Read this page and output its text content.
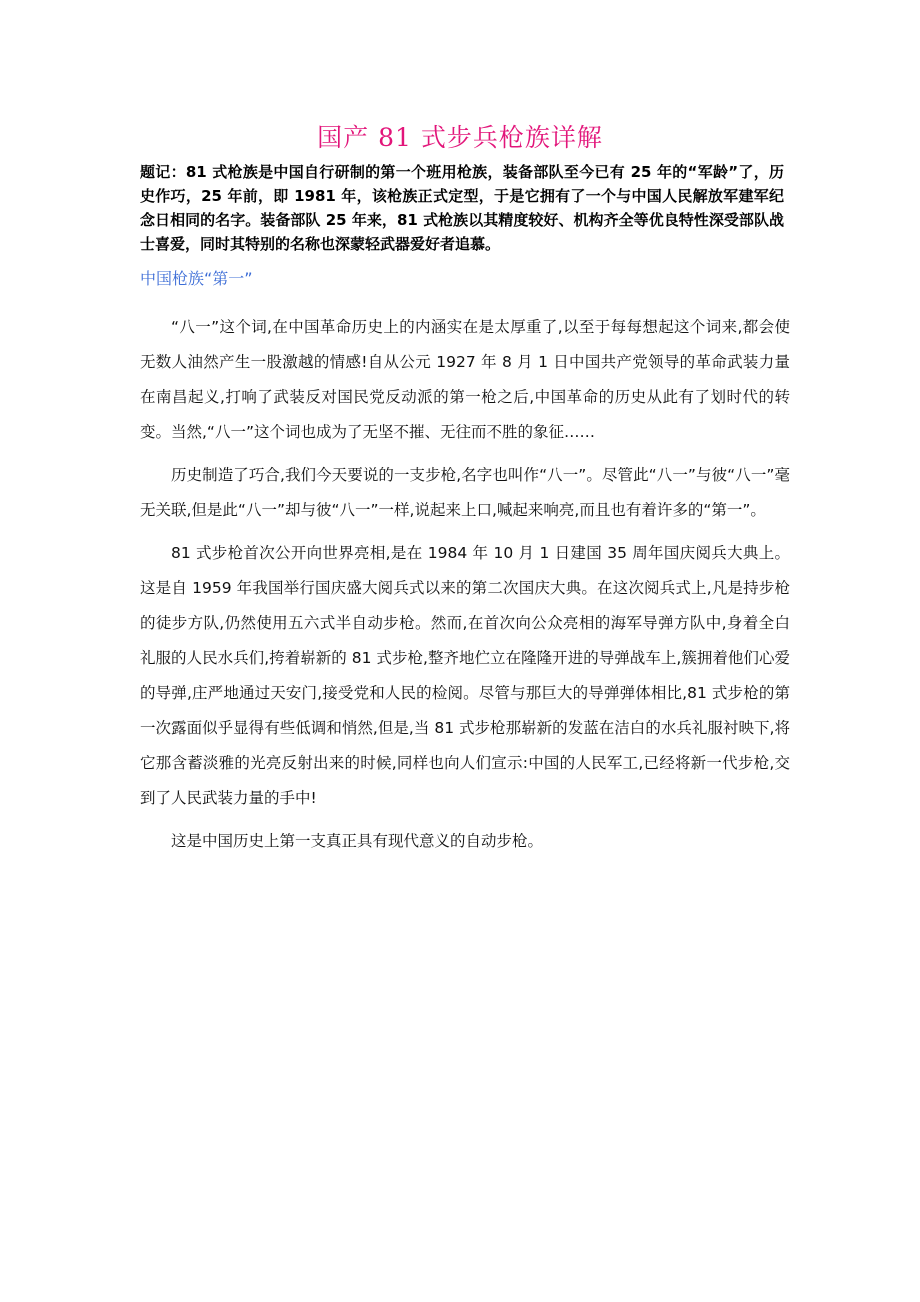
国产 81 式步兵枪族详解

题记：81 式枪族是中国自行研制的第一个班用枪族，装备部队至今已有 25 年的“军龄”了，历史作巧，25 年前，即 1981 年，该枪族正式定型，于是它拥有了一个与中国人民解放军建军纪念日相同的名字。装备部队 25 年来，81 式枪族以其精度较好、机构齐全等优良特性深受部队战士喜爱，同时其特别的名称也深蒙轻武器爱好者追慕。

中国枪族“第一”

“八一”这个词,在中国革命历史上的内涵实在是太厚重了,以至于每每想起这个词来,都会使无数人油然产生一股激越的情感!自从公元 1927 年 8 月 1 日中国共产党领导的革命武装力量在南昌起义,打响了武装反对国民党反动派的第一枪之后,中国革命的历史从此有了划时代的转变。当然,“八一”这个词也成为了无坚不摧、无往而不胜的象征……

历史制造了巧合,我们今天要说的一支步枪,名字也叫作“八一”。尽管此“八一”与彼“八一”毫无关联,但是此“八一”却与彼“八一”一样,说起来上口,喊起来响亮,而且也有着许多的“第一”。

81 式步枪首次公开向世界亮相,是在 1984 年 10 月 1 日建国 35 周年国庆阅兵大典上。这是自 1959 年我国举行国庆盛大阅兵式以来的第二次国庆大典。在这次阅兵式上,凡是持步枪的徒步方队,仍然使用五六式半自动步枪。然而,在首次向公众亮相的海军导弹方队中,身着全白礼服的人民水兵们,挎着崭新的 81 式步枪,整齐地伫立在隆隆开进的导弹战车上,簇拥着他们心爱的导弹,庄严地通过天安门,接受党和人民的检阅。尽管与那巨大的导弹弹体相比,81 式步枪的第一次露面似乎显得有些低调和悄然,但是,当 81 式步枪那崭新的发蓝在洁白的水兵礼服衬映下,将它那含蓄淡雅的光亮反射出来的时候,同样也向人们宣示:中国的人民军工,已经将新一代步枪,交到了人民武装力量的手中!

这是中国历史上第一支真正具有现代意义的自动步枪。
